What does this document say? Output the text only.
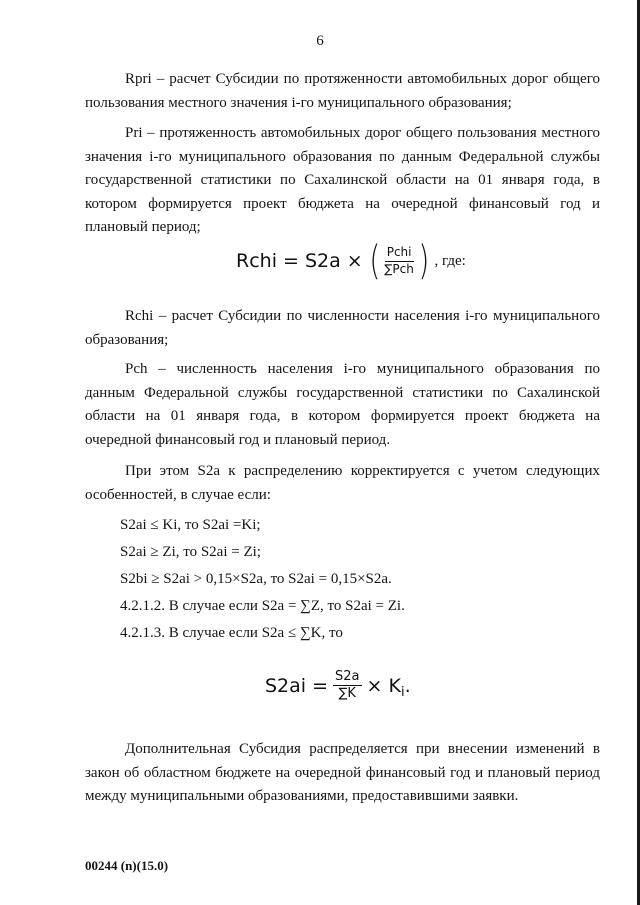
6

Rpri – расчет Субсидии по протяженности автомобильных дорог общего пользования местного значения i-го муниципального образования;

Pri – протяженность автомобильных дорог общего пользования местного значения i-го муниципального образования по данным Федеральной службы государственной статистики по Сахалинской области на 01 января года, в котором формируется проект бюджета на очередной финансовый год и плановый период;

Rchi = S2a × ( $\frac{\text{Pchi}}{\text{∑Pch}}$ ) , где:

Rchi – расчет Субсидии по численности населения i-го муниципального образования;

Pch – численность населения i-го муниципального образования по данным Федеральной службы государственной статистики по Сахалинской области на 01 января года, в котором формируется проект бюджета на очередной финансовый год и плановый период.

При этом S2a к распределению корректируется с учетом следующих особенностей, в случае если:

S2ai ≤ Ki, то S2ai =Ki;

S2ai ≥ Zi, то S2ai = Zi;

S2bi ≥ S2ai > 0,15×S2a, то S2ai = 0,15×S2a.

4.2.1.2. В случае если S2a = ∑Z, то S2ai = Zi.

4.2.1.3. В случае если S2a ≤ ∑K, то

$S2ai = \frac{S2a}{\sum K} \times K$ i .

Дополнительная Субсидия распределяется при внесении изменений в закон об областном бюджете на очередной финансовый год и плановый период между муниципальными образованиями, предоставившими заявки.

00244 (n)(15.0)
